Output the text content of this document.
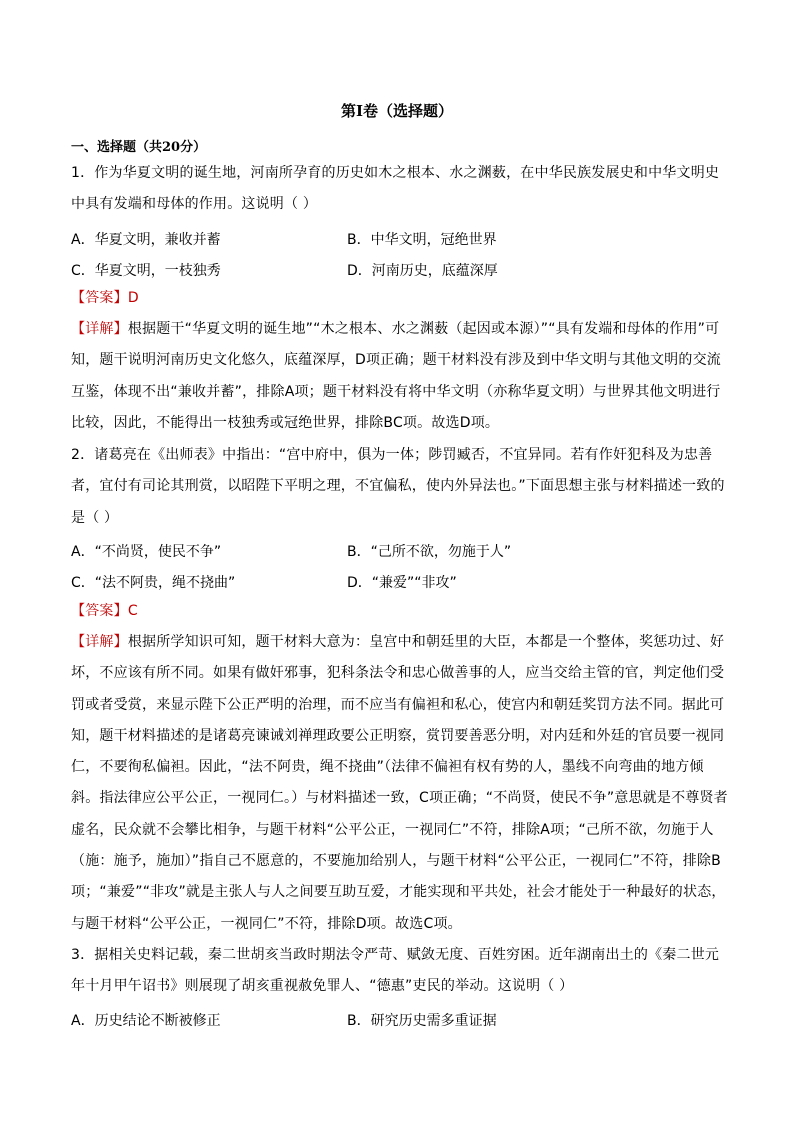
第Ⅰ卷（选择题）
一、选择题（共20分）
1．作为华夏文明的诞生地，河南所孕育的历史如木之根本、水之渊薮，在中华民族发展史和中华文明史中具有发端和母体的作用。这说明（ ）
A．华夏文明，兼收并蓄	B．中华文明，冠绝世界
C．华夏文明，一枝独秀	D．河南历史，底蕴深厚
【答案】D
【详解】根据题干“华夏文明的诞生地”“木之根本、水之渊薮（起因或本源）”“具有发端和母体的作用”可知，题干说明河南历史文化悠久，底蕴深厚，D项正确；题干材料没有涉及到中华文明与其他文明的交流互鉴，体现不出“兼收并蓄”，排除A项；题干材料没有将中华文明（亦称华夏文明）与世界其他文明进行比较，因此，不能得出一枝独秀或冠绝世界，排除BC项。故选D项。
2．诸葛亮在《出师表》中指出：“宫中府中，俱为一体；陟罚臧否，不宜异同。若有作奸犯科及为忠善者，宜付有司论其刑赏，以昭陛下平明之理，不宜偏私，使内外异法也。”下面思想主张与材料描述一致的是（ ）
A．“不尚贤，使民不争”	B．“己所不欲，勿施于人”
C．“法不阿贵，绳不挠曲”	D．“兼爱”“非攻”
【答案】C
【详解】根据所学知识可知，题干材料大意为：皇宫中和朝廷里的大臣，本都是一个整体，奖惩功过、好坏，不应该有所不同。如果有做奸邪事，犯科条法令和忠心做善事的人，应当交给主管的官，判定他们受罚或者受赏，来显示陛下公正严明的治理，而不应当有偏袒和私心，使宫内和朝廷奖罚方法不同。据此可知，题干材料描述的是诸葛亮谏诫刘禅理政要公正明察，赏罚要善恶分明，对内廷和外廷的官员要一视同仁，不要徇私偏袒。因此，“法不阿贵，绳不挠曲”（法律不偏袒有权有势的人，墨线不向弯曲的地方倾斜。指法律应公平公正，一视同仁。）与材料描述一致，C项正确；“不尚贤，使民不争”意思就是不尊贤者虚名，民众就不会攀比相争，与题干材料“公平公正，一视同仁”不符，排除A项；“己所不欲，勿施于人（施：施予，施加）”指自己不愿意的，不要施加给别人，与题干材料“公平公正，一视同仁”不符，排除B项；“兼爱”“非攻”就是主张人与人之间要互助互爱，才能实现和平共处，社会才能处于一种最好的状态，与题干材料“公平公正，一视同仁”不符，排除D项。故选C项。
3．据相关史料记载，秦二世胡亥当政时期法令严苛、赋敛无度、百姓穷困。近年湖南出土的《秦二世元年十月甲午诏书》则展现了胡亥重视赦免罪人、“德惠”吏民的举动。这说明（ ）
A．历史结论不断被修正	B．研究历史需多重证据
